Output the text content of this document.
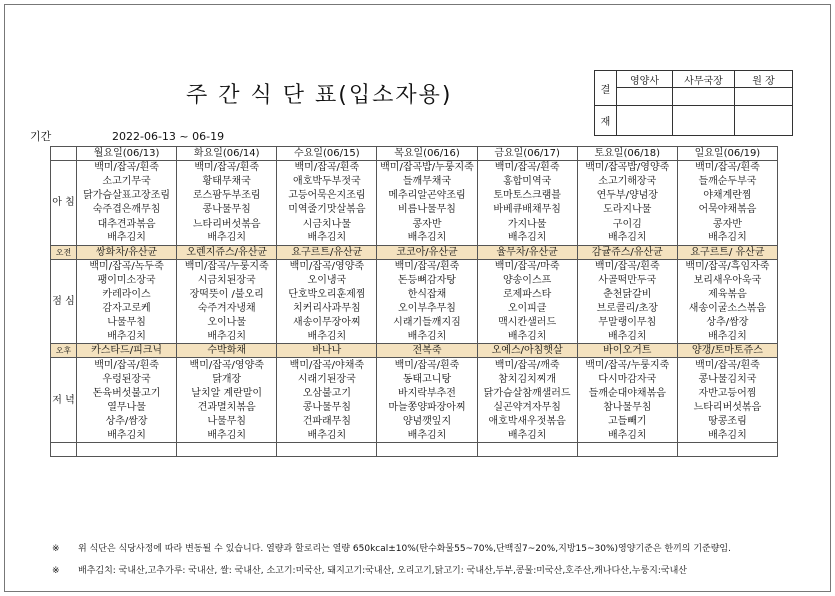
주 간 식 단 표(입소자용)	결	영양사	사무국장	원 장

재			
기간	2022-06-13 ~ 06-19
	월요일(06/13)	화요일(06/14)	수요일(06/15)	목요일(06/16)	금요일(06/17)	토요일(06/18)	일요일(06/19)
아 침	백미/잡곡/흰죽	백미/잡곡/흰죽	백미/잡곡/흰죽	백미/잡곡밥/누룽지죽	백미/잡곡/흰죽	백미/잡곡밥/영양죽	백미/잡곡/흰죽
	소고기무국	황태무채국	애호박두부젓국	들깨무채국	홍합미역국	소고기해장국	들깨순두부국
	닭가슴살표고장조림	로스팜두부조림	고등어묵은지조림	메추리알곤약조림	토마토스크램블	연두부/양념장	야채계란찜
	숙주겹은깨무침	콩나물무침	미역줄기맛살볶음	비름나물무침	바베큐배채무침	도라지나물	어묵야채볶음
	대추견과볶음	느타리버섯볶음	시금치나물	콩자반	가지나물	구이김	콩자반
	배추김치	배추김치	배추김치	배추김치	배추김치	배추김치	배추김치
오전	쌍화차/유산균	오렌지쥬스/유산균	요구르트/유산균	코코아/유산균	율무차/유산균	감귤쥬스/유산균	요구르트/ 유산균
점 심	백미/잡곡/녹두죽	백미/잡곡/누룽지죽	백미/잡곡/영양죽	백미/잡곡/흰죽	백미/잡곡/마죽	백미/잡곡/흰죽	백미/잡곡/흑임자죽
	팽이미소장국	시금치된장국	오이냉국	돈등뼈감자탕	양송이스프	사골떡만두국	보리새우아욱국
	카레라이스	장떡뜻이 /불오리	단호박오리훈제찜	한식잡채	로제파스타	춘천닭갈비	제육볶음
	감자고로케	숙주겨자냉채	치커리사과무침	오이부추무침	오이피클	브로콜리/초장	새송이굴소스볶음
	나물무침	오이나물	새송이무장아찌	시래기들깨지짐	맥시칸샐러드	무말랭이무침	상추/쌈장
	배추김치	배추김치	배추김치	배추김치	배추김치	배추김치	배추김치
오후	카스타드/피크닉	수박화채	바나나	전복죽	오예스/아침햇살	바이오거트	양갱/토마토쥬스
저 녁	백미/잡곡/흰죽	백미/잡곡/영양죽	백미/잡곡/야채죽	백미/잡곡/흰죽	백미/잡곡/깨죽	백미/잡곡/누룽지죽	백미/잡곡/흰죽
	우렁된장국	닭개장	시래기된장국	동태고니탕	참치김치찌개	다시마감자국	콩나물김치국
	돈육버섯불고기	날치알 계란말이	오삼불고기	바지락부추전	닭가슴살참깨샐러드	들깨순대야채볶음	자반고등어찜
	열무나물	견과멸치볶음	콩나물무침	마늘쫑양파장아찌	실곤약겨자무침	참나물무침	느타리버섯볶음
	상추/쌈장	나물무침	건파래무침	양념깻잎지	애호박새우젓볶음	고들빼기	땅콩조림
	배추김치	배추김치	배추김치	배추김치	배추김치	배추김치	배추김치

※ 위 식단은 식당사정에 따라 변동될 수 있습니다. 열량과 할로리는 열량 650kcal±10%(탄수화물55~70%,단백질7~20%,지방15~30%)영양기준은 한끼의 기준량임.
※ 배추김치: 국내산,고추가루: 국내산, 쌀: 국내산, 소고기:미국산, 돼지고기:국내산, 오리고기,닭고기: 국내산,두부,콩물:미국산,호주산,캐나다산,누룽지:국내산
